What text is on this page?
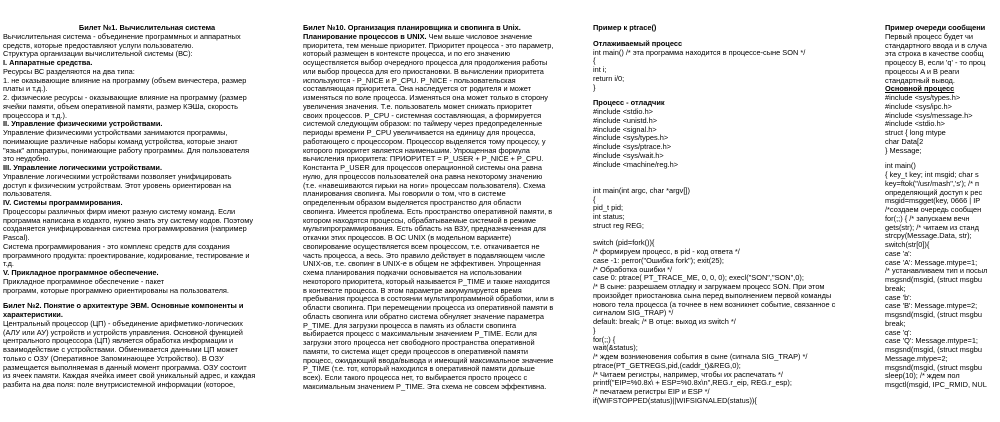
Билет №1. Вычислительная система
Вычислительная система - объединение программных и аппаратных
средств, которые предоставляют услуги пользователю.
Структура организации вычислительной системы (ВС):
I. Аппаратные средства.
Ресурсы ВС разделяются на два типа:
1. не оказывающие влияние на программу (объем винчестера, размер
платы и т.д.).
2. физические ресурсы - оказывающие влияние на программу (размер
ячейки памяти, объем оперативной памяти, размер КЭШа, скорость
процессора и т.д.).
II. Управление физическими устройствами.
Управление физическими устройствами занимаются программы,
понимающие различные наборы команд устройства, которые знают
"язык" аппаратуры, понимающие работу программы. Для пользователя
это неудобно.
III. Управление логическими устройствами.
Управление логическими устройствами позволяет унифицировать
доступ к физическим устройствам. Этот уровень ориентирован на
пользователя.
IV. Системы программирования.
Процессоры различных фирм имеют разную систему команд. Если
программа написана в кодахто, нужно знать эту систему кодов. Поэтому
созданяется унифицированная система программирования (например
Pascal).
Система программирования - это комплекс средств для создания
программного продукта: проектирование, кодирование, тестирование и
т.д.
V. Прикладное программное обеспечение.
Прикладное программное обеспечение - пакет
программ, которые программно ориентированы на пользователя.
Билет №2. Понятие о архитектуре ЭВМ. Основные компоненты и
характеристики.
Центральный процессор (ЦП) - объединение арифметико-логических
(АЛУ или АУ) устройств и устройств управления. Основной функцией
центрального процессора (ЦП) является обработка информации и
взаимодействие с устройствами. Обменивается данными ЦП может
только с ОЗУ (Оперативное Запоминающее Устройство). В ОЗУ
размещается выполняемая в данный момент программа. ОЗУ состоит
из ячеек памяти. Каждая ячейка имеет свой уникальный адрес, и каждая
разбита на два поля: поле внутрисистемной информации (которое,
Билет №10. Организация планировщика и свопинга в Unix.
Планирование процессов в UNIX. Чем выше числовое значение
приоритета, тем меньше приоритет. Приоритет процесса - это параметр,
который размещен в контексте процесса, и по его значению
осуществляется выбор очередного процесса для продолжения работы
или выбор процесса для его приостановки. В вычислении приоритета
используются - P_NICE и P_CPU. P_NICE - пользовательская
составляющая приоритета. Она наследуется от родителя и может
изменяться по воле процесса. Изменяться она может только в сторону
увеличения значения. Т.е. пользователь может снижать приоритет
своих процессов. P_CPU - системная составляющая, а формируется
системой следующим образом: по таймеру через предопределенные
периоды времени P_CPU увеличивается на единицу для процесса,
работающего с процессором. Процессор выделяется тому процессу, у
которого приоритет является наименьшим. Упрощенная формула
вычисления приоритета: ПРИОРИТЕТ = P_USER + P_NICE + P_CPU.
Константа P_USER для процессов операционной системы она равна
нулю, для процессов пользователей она равна некоторому значению
(т.е. «навешиваются гирьки на ноги» процессам пользователя). Схема
планирования свопинга. Мы говорили о том, что в системе
определенным образом выделяется пространство для области
свопинга. Имеется проблема. Есть пространство оперативной памяти, в
котором находятся процессы, обрабатываемые системой в режиме
мультипрограммирования. Есть область на ВЗУ, предназначенная для
откачки этих процессов. В ОС UNIX (в модельном варианте)
свопирование осуществляется всем процессом, т.е. откачивается не
часть процесса, а весь. Это правило действует в подавляющем числе
UNIX-ов, т.е. свопинг в UNIX-е в общем не эффективен. Упрощенная
схема планирования подкачки основывается на использовании
некоторого приоритета, который называется P_TIME и также находится
в контексте процесса. В этом параметре аккумулируется время
пребывания процесса в состоянии мультипрограммной обработки, или в
области свопинга. При перемещении процесса из оперативной памяти в
область свопинга или обратно система обнуляет значение параметра
P_TIME. Для загрузки процесса в память из области свопинга
выбирается процесс с максимальным значением P_TIME. Если для
загрузки этого процесса нет свободного пространства оперативной
памяти, то система ищет среди процессов в оперативной памяти
процесс, ожидающий ввода/вывода и имеющий максимальное значение
P_TIME (т.е. тот, который находился в оперативной памяти дольше
всех). Если такого процесса нет, то выбирается просто процесс с
максимальным значением P_TIME. Эта схема не совсем эффективна.
Пример к ptrace()
Отлаживаемый процесс
int main() /* эта программа находится в процессе-сыне SON */
{
int i;
return i/0;
}
Процесс - отладчик
#include <stdio.h>
#include <unistd.h>
#include <signal.h>
#include <sys/types.h>
#include <sys/ptrace.h>
#include <sys/wait.h>
#include <machine/reg.h>
int main(int argc, char *argv[])
{
pid_t pid;
int status;
struct reg REG;
switch (pid=fork()){
/* формируем процесс, в pid - код ответа */
case -1: perror("Ошибка fork"); exit(25);
/* Обработка ошибки */
case 0: ptrace( PT_TRACE_ME, 0, 0, 0); execl("SON","SON",0);
/* В сыне: разрешаем отладку и загружаем процесс SON. При этом
произойдет приостановка сына перед выполнением первой команды
нового тела процесса (а точнее в нем возникнет событие, связанное с
сигналом SIG_TRAP) */
default: break; /* В отце: выход из switch */
}
for(;;) {
wait(&status);
/* ждем возникновения события в сыне (сигнала SIG_TRAP) */
ptrace(PT_GETREGS,pid,(caddr_t)&REG,0);
/* Читаем регистры, например, чтобы их распечатать */
printf("EIP=%0.8x\ + ESP=%0.8x\n",REG.r_eip, REG.r_esp);
/* печатаем регистры EIP и ESP */
if(WIFSTOPPED(status)||WIFSIGNALED(status)){
Пример очереди сообщени
Первый процесс будет чи
стандартного ввода и в случа
эта строка в качестве сообщ
процессу В, если 'q' - то проц
процессы A и B реаги
стандартный вывод.
Основной процесс
#include <sys/types.h>
#include <sys/ipc.h>
#include <sys/message.h>
#include <stdio.h>
struct { long mtype
char Data[2
} Message;
int main()
{ key_t key; int msgid; char s
key=ftok("/usr/mash",'s'); /* п
определяющий доступ к рес
msgid=msgget(key, 0666 | IP
/*создаем очередь сообщен
for(;;) { /* запускаем вечн
gets(str); /* читаем из станд
strcpy(Message.Data, str);
switch(str[0]){
case 'a':
case 'A': Message.mtype=1;
/* устанавливаем тип и посыл
msgsnd(msgid, (struct msgbu
break;
case 'b':
case 'B': Message.mtype=2;
msgsnd(msgid, (struct msgbu
break;
case 'q':
case 'Q': Message.mtype=1;
msgsnd(msgid, (struct msgbu
Message.mtype=2;
msgsnd(msgid, (struct msgbu
sleep(10); /* ждем пол
msgctl(msgid, IPC_RMID, NUL
